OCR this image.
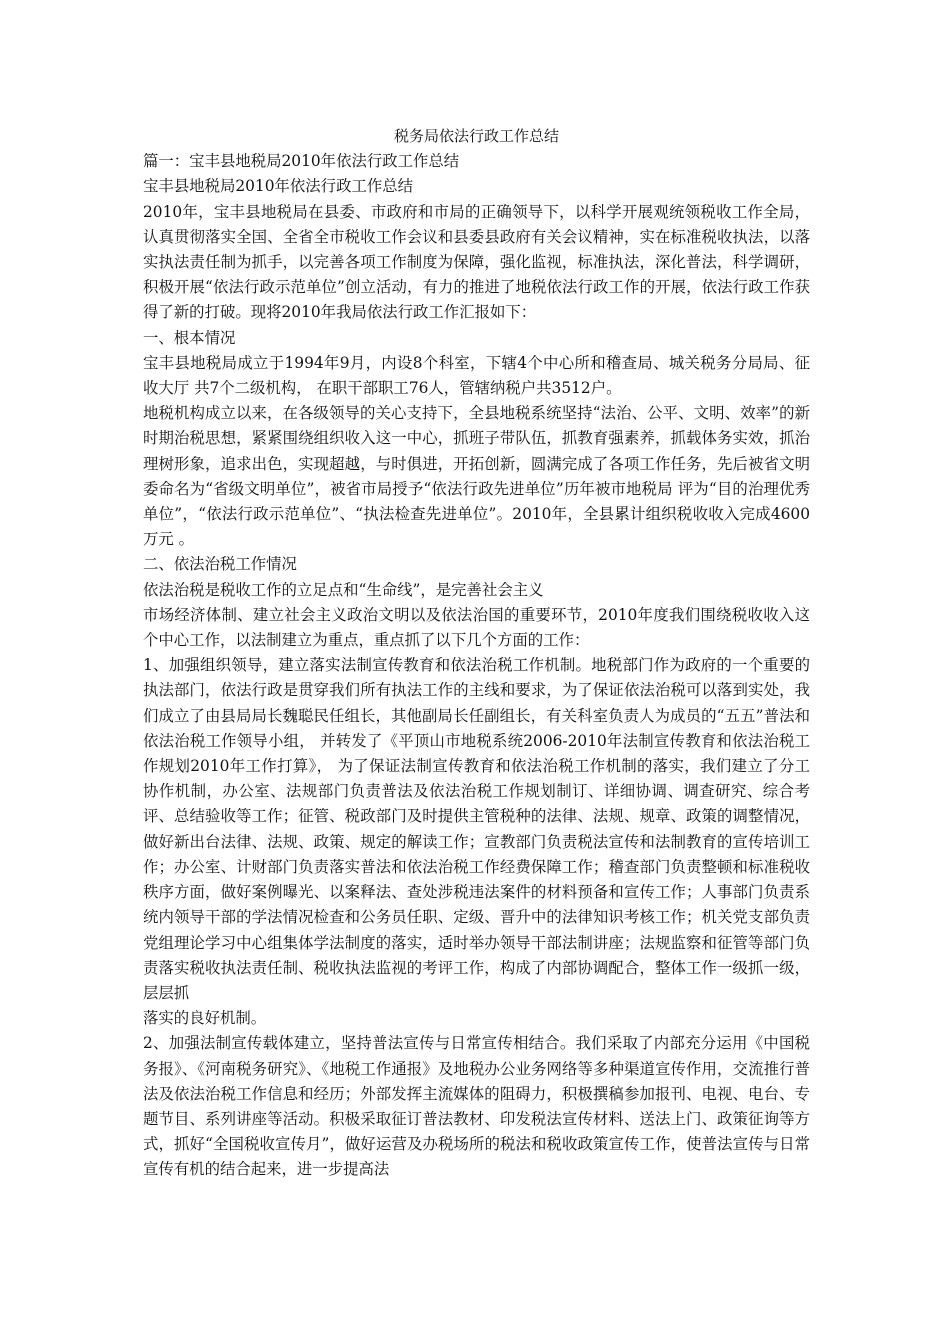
税务局依法行政工作总结

篇一：宝丰县地税局2010年依法行政工作总结

宝丰县地税局2010年依法行政工作总结

2010年，宝丰县地税局在县委、市政府和市局的正确领导下，以科学开展观统领税收工作全局，认真贯彻落实全国、全省全市税收工作会议和县委县政府有关会议精神，实在标准税收执法，以落实执法责任制为抓手，以完善各项工作制度为保障，强化监视，标准执法，深化普法，科学调研，积极开展“依法行政示范单位”创立活动，有力的推进了地税依法行政工作的开展，依法行政工作获得了新的打破。现将2010年我局依法行政工作汇报如下：

一、根本情况

宝丰县地税局成立于1994年9月，内设8个科室，下辖4个中心所和稽查局、城关税务分局局、征收大厅 共7个二级机构， 在职干部职工76人，管辖纳税户共3512户。

地税机构成立以来，在各级领导的关心支持下，全县地税系统坚持“法治、公平、文明、效率”的新时期治税思想，紧紧围绕组织收入这一中心，抓班子带队伍，抓教育强素养，抓载体务实效，抓治理树形象，追求出色，实现超越，与时俱进，开拓创新，圆满完成了各项工作任务，先后被省文明委命名为“省级文明单位”，被省市局授予“依法行政先进单位”历年被市地税局 评为“目的治理优秀单位”，“依法行政示范单位”、“执法检查先进单位”。2010年，全县累计组织税收收入完成4600万元 。

二、依法治税工作情况

依法治税是税收工作的立足点和“生命线”，是完善社会主义

市场经济体制、建立社会主义政治文明以及依法治国的重要环节，2010年度我们围绕税收收入这个中心工作，以法制建立为重点，重点抓了以下几个方面的工作：

1、加强组织领导，建立落实法制宣传教育和依法治税工作机制。地税部门作为政府的一个重要的执法部门，依法行政是贯穿我们所有执法工作的主线和要求，为了保证依法治税可以落到实处，我们成立了由县局局长魏聪民任组长，其他副局长任副组长，有关科室负责人为成员的“五五”普法和依法治税工作领导小组， 并转发了《平顶山市地税系统2006-2010年法制宣传教育和依法治税工作规划2010年工作打算》， 为了保证法制宣传教育和依法治税工作机制的落实，我们建立了分工协作机制，办公室、法规部门负责普法及依法治税工作规划制订、详细协调、调查研究、综合考评、总结验收等工作；征管、税政部门及时提供主管税种的法律、法规、规章、政策的调整情况，做好新出台法律、法规、政策、规定的解读工作；宣教部门负责税法宣传和法制教育的宣传培训工作；办公室、计财部门负责落实普法和依法治税工作经费保障工作；稽查部门负责整顿和标准税收秩序方面，做好案例曝光、以案释法、查处涉税违法案件的材料预备和宣传工作；人事部门负责系统内领导干部的学法情况检查和公务员任职、定级、晋升中的法律知识考核工作；机关党支部负责党组理论学习中心组集体学法制度的落实，适时举办领导干部法制讲座；法规监察和征管等部门负责落实税收执法责任制、税收执法监视的考评工作，构成了内部协调配合，整体工作一级抓一级，层层抓

落实的良好机制。

2、加强法制宣传载体建立，坚持普法宣传与日常宣传相结合。我们采取了内部充分运用《中国税务报》、《河南税务研究》、《地税工作通报》及地税办公业务网络等多种渠道宣传作用，交流推行普法及依法治税工作信息和经历；外部发挥主流媒体的阻碍力，积极撰稿参加报刊、电视、电台、专题节目、系列讲座等活动。积极采取征订普法教材、印发税法宣传材料、送法上门、政策征询等方式，抓好“全国税收宣传月”，做好运营及办税场所的税法和税收政策宣传工作，使普法宣传与日常宣传有机的结合起来，进一步提高法
